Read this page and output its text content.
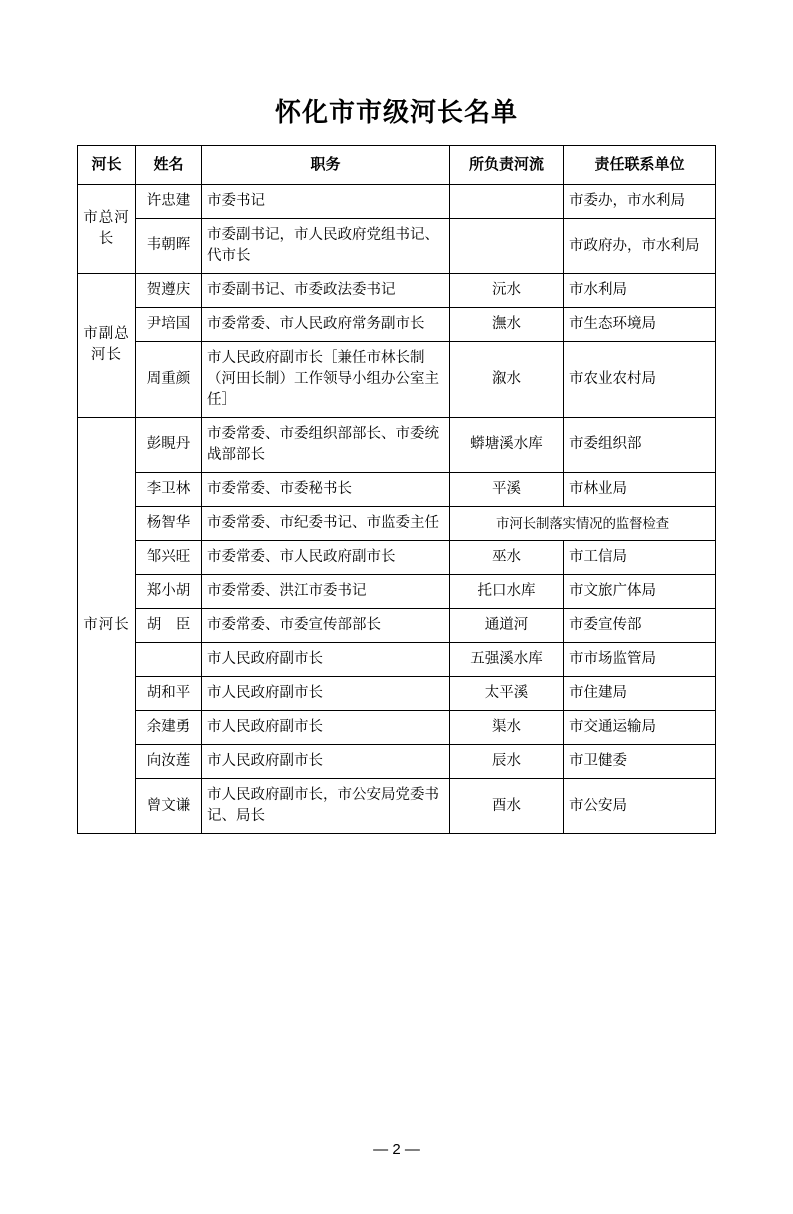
怀化市市级河长名单
河长	姓名	职务	所负责河流	责任联系单位
市总河长	许忠建	市委书记		市委办，市水利局
	韦朝晖	市委副书记，市人民政府党组书记、代市长		市政府办，市水利局
市副总河长	贺遵庆	市委副书记、市委政法委书记	沅水	市水利局
	尹培国	市委常委、市人民政府常务副市长	潕水	市生态环境局
	周重颜	市人民政府副市长［兼任市林长制（河田长制）工作领导小组办公室主任］	溆水	市农业农村局
市河长	彭睍丹	市委常委、市委组织部部长、市委统战部部长	蟒塘溪水库	市委组织部
	李卫林	市委常委、市委秘书长	平溪	市林业局
	杨智华	市委常委、市纪委书记、市监委主任	市河长制落实情况的监督检查	
	邹兴旺	市委常委、市人民政府副市长	巫水	市工信局
	郑小胡	市委常委、洪江市委书记	托口水库	市文旅广体局
	胡　臣	市委常委、市委宣传部部长	通道河	市委宣传部
		市人民政府副市长	五强溪水库	市市场监管局
	胡和平	市人民政府副市长	太平溪	市住建局
	余建勇	市人民政府副市长	渠水	市交通运输局
	向汝莲	市人民政府副市长	辰水	市卫健委
	曾文谦	市人民政府副市长，市公安局党委书记、局长	酉水	市公安局
— 2 —
